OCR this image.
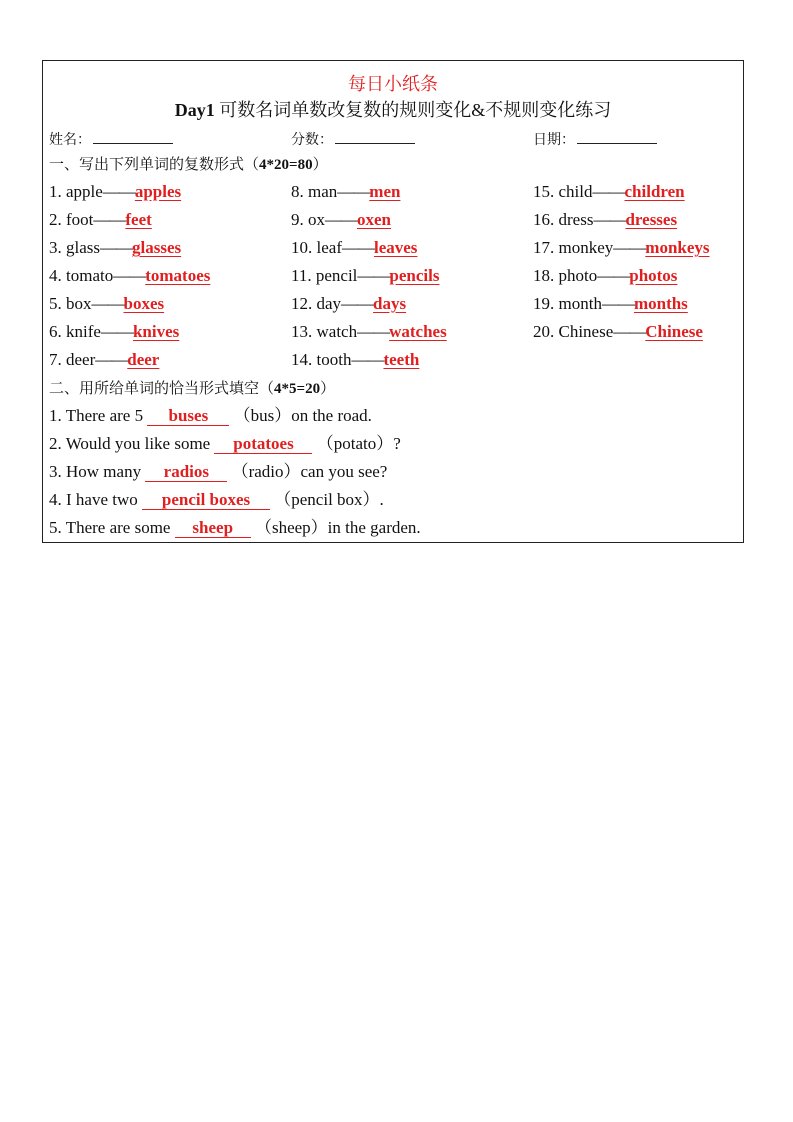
每日小纸条
Day1 可数名词单数改复数的规则变化&不规则变化练习
姓名：	分数：	日期：
一、写出下列单词的复数形式（4*20=80）
1. apple——apples
2. foot——feet
3. glass——glasses
4. tomato——tomatoes
5. box——boxes
6. knife——knives
7. deer——deer
8. man——men
9. ox——oxen
10. leaf——leaves
11. pencil——pencils
12. day——days
13. watch——watches
14. tooth——teeth
15. child——children
16. dress——dresses
17. monkey——monkeys
18. photo——photos
19. month——months
20. Chinese——Chinese
二、用所给单词的恰当形式填空（4*5=20）
1. There are 5 buses （bus）on the road.
2. Would you like some potatoes （potato）?
3. How many radios （radio）can you see?
4. I have two pencil boxes （pencil box）.
5. There are some sheep （sheep）in the garden.
